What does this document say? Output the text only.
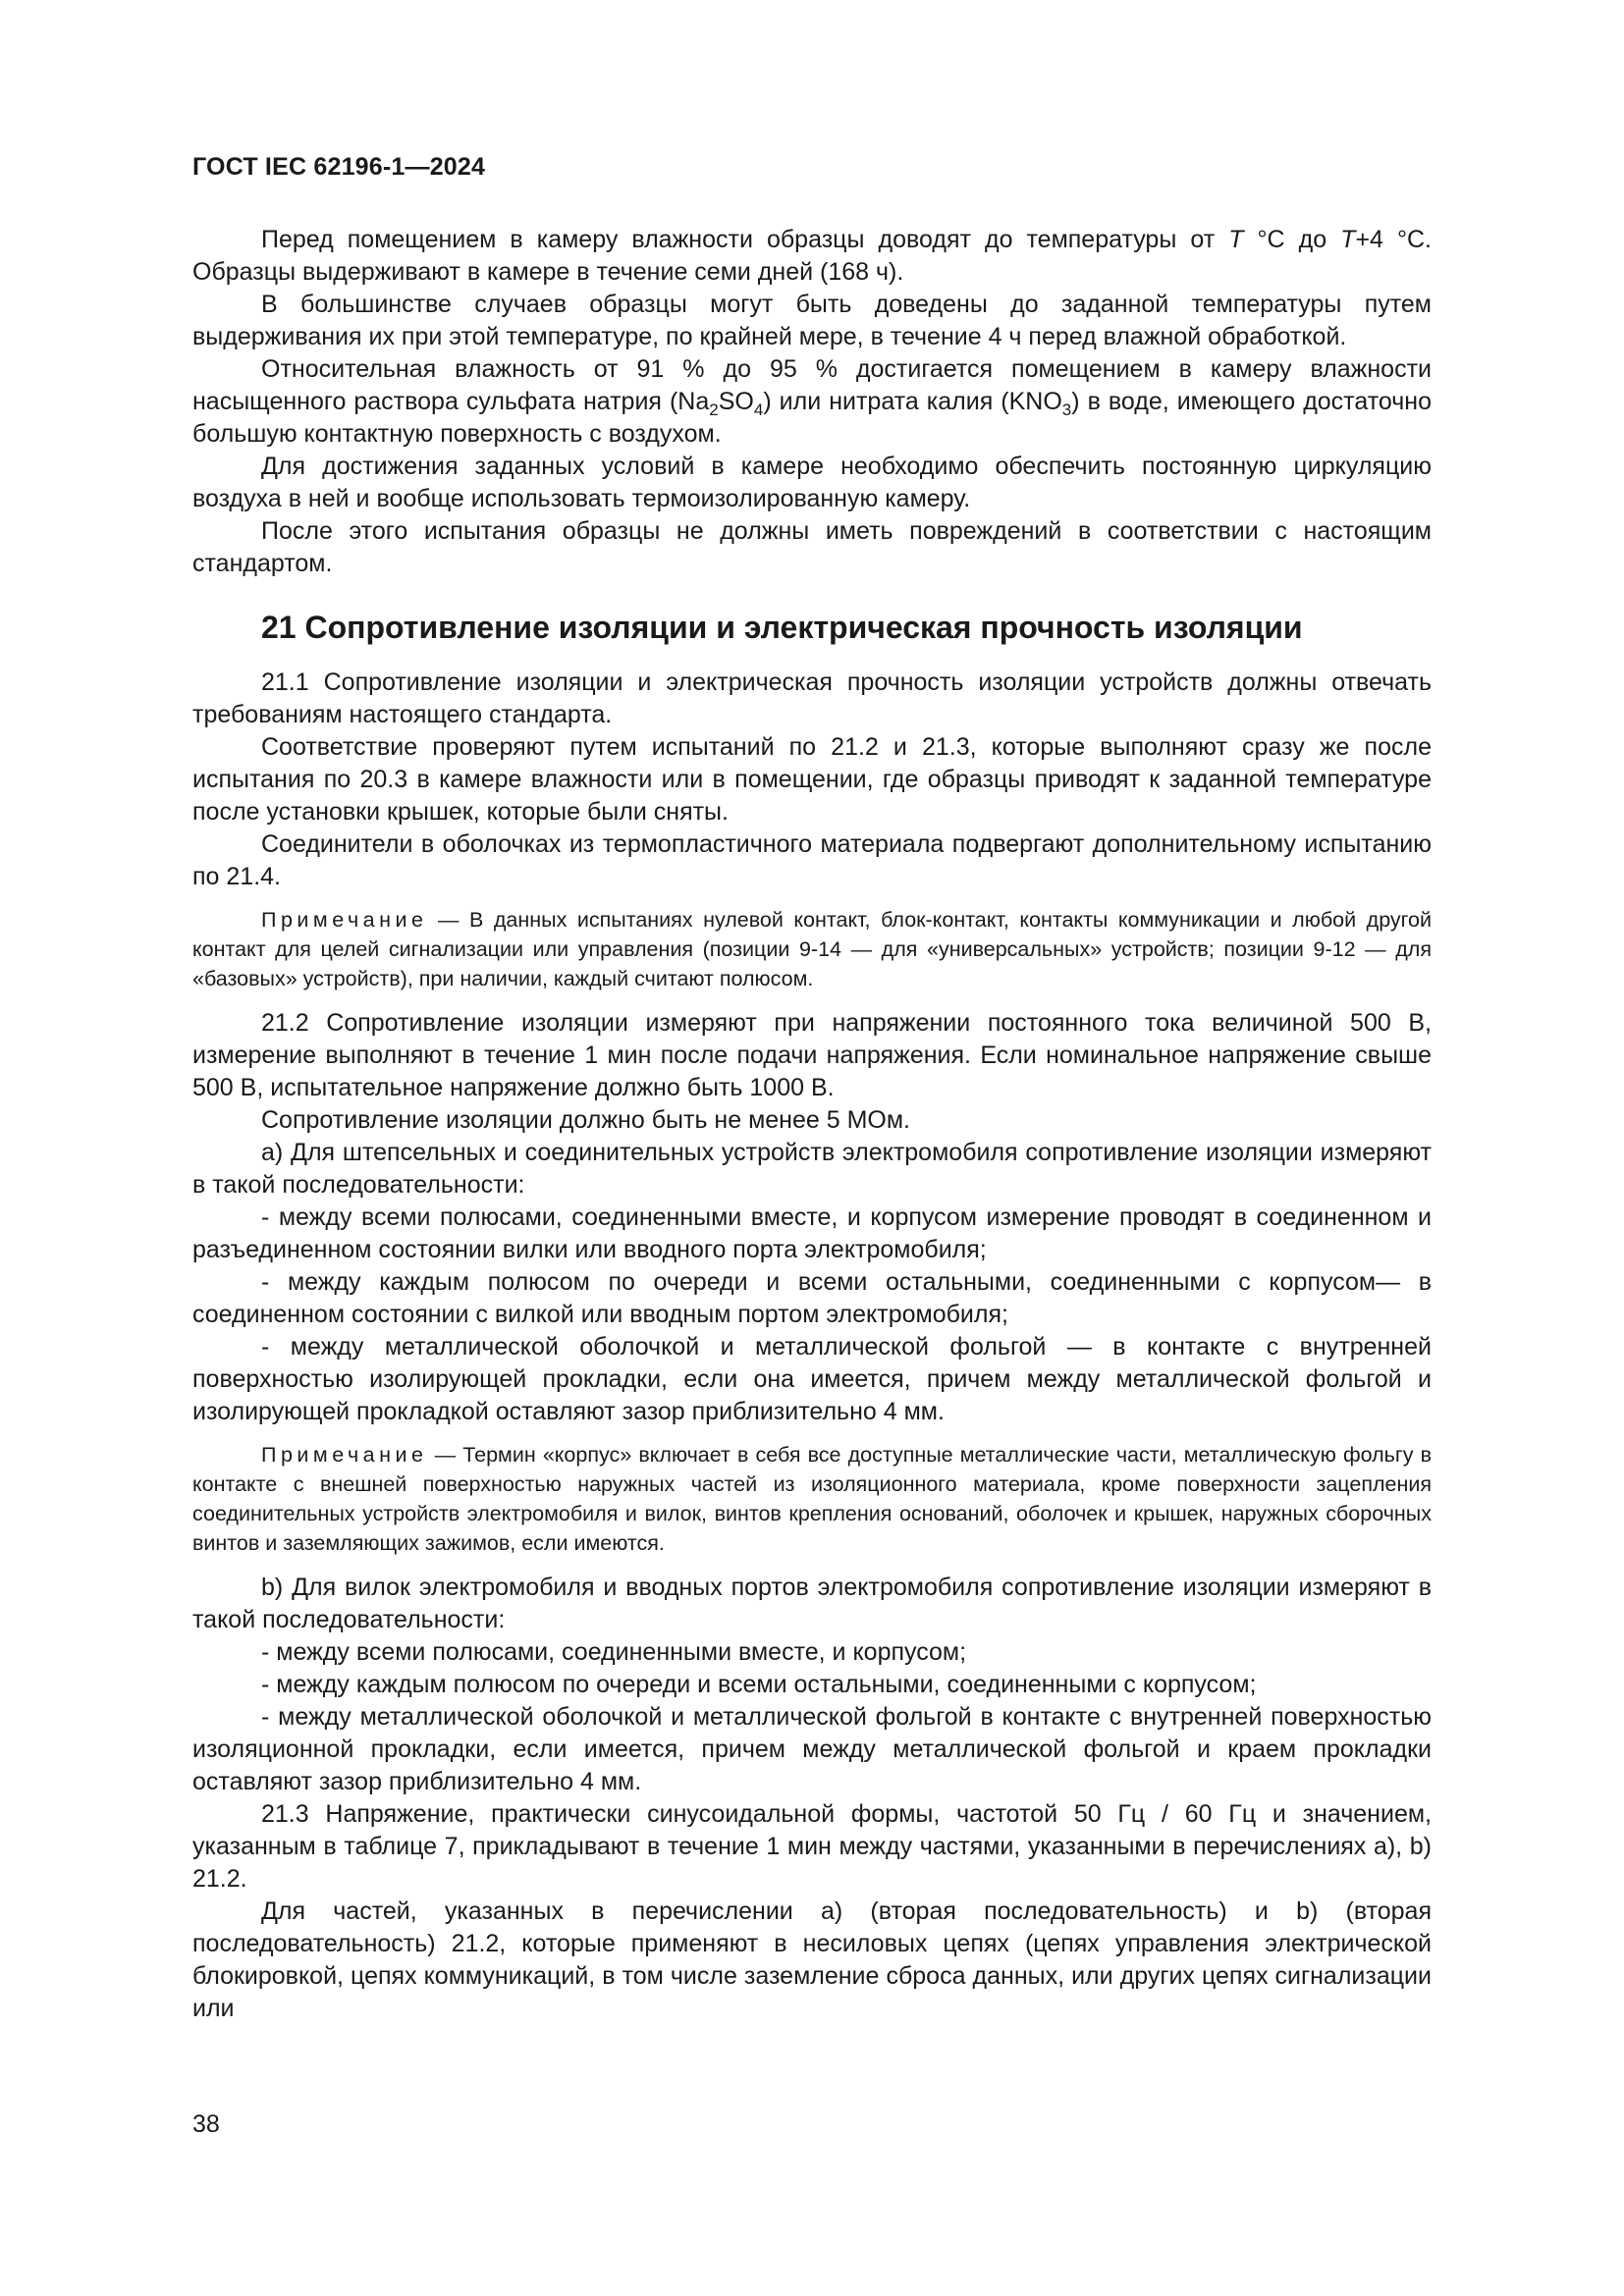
ГОСТ IEC 62196-1—2024

Перед помещением в камеру влажности образцы доводят до температуры от T °С до T+4 °С. Образцы выдерживают в камере в течение семи дней (168 ч).

В большинстве случаев образцы могут быть доведены до заданной температуры путем выдерживания их при этой температуре, по крайней мере, в течение 4 ч перед влажной обработкой.

Относительная влажность от 91 % до 95 % достигается помещением в камеру влажности насыщенного раствора сульфата натрия $(Na_2SO_4)$ или нитрата калия $(KNO_3)$ в воде, имеющего достаточно большую контактную поверхность с воздухом.

Для достижения заданных условий в камере необходимо обеспечить постоянную циркуляцию воздуха в ней и вообще использовать термоизолированную камеру.

После этого испытания образцы не должны иметь повреждений в соответствии с настоящим стандартом.

21 Сопротивление изоляции и электрическая прочность изоляции

21.1 Сопротивление изоляции и электрическая прочность изоляции устройств должны отвечать требованиям настоящего стандарта.

Соответствие проверяют путем испытаний по 21.2 и 21.3, которые выполняют сразу же после испытания по 20.3 в камере влажности или в помещении, где образцы приводят к заданной температуре после установки крышек, которые были сняты.

Соединители в оболочках из термопластичного материала подвергают дополнительному испытанию по 21.4.

Примечание — В данных испытаниях нулевой контакт, блок-контакт, контакты коммуникации и любой другой контакт для целей сигнализации или управления (позиции 9-14 — для «универсальных» устройств; позиции 9-12 — для «базовых» устройств), при наличии, каждый считают полюсом.

21.2 Сопротивление изоляции измеряют при напряжении постоянного тока величиной 500 В, измерение выполняют в течение 1 мин после подачи напряжения. Если номинальное напряжение свыше 500 В, испытательное напряжение должно быть 1000 В.

Сопротивление изоляции должно быть не менее 5 МОм.

а) Для штепсельных и соединительных устройств электромобиля сопротивление изоляции измеряют в такой последовательности:

- между всеми полюсами, соединенными вместе, и корпусом измерение проводят в соединенном и разъединенном состоянии вилки или вводного порта электромобиля;

- между каждым полюсом по очереди и всеми остальными, соединенными с корпусом— в соединенном состоянии с вилкой или вводным портом электромобиля;

- между металлической оболочкой и металлической фольгой — в контакте с внутренней поверхностью изолирующей прокладки, если она имеется, причем между металлической фольгой и изолирующей прокладкой оставляют зазор приблизительно 4 мм.

Примечание — Термин «корпус» включает в себя все доступные металлические части, металлическую фольгу в контакте с внешней поверхностью наружных частей из изоляционного материала, кроме поверхности зацепления соединительных устройств электромобиля и вилок, винтов крепления оснований, оболочек и крышек, наружных сборочных винтов и заземляющих зажимов, если имеются.

b) Для вилок электромобиля и вводных портов электромобиля сопротивление изоляции измеряют в такой последовательности:

- между всеми полюсами, соединенными вместе, и корпусом;

- между каждым полюсом по очереди и всеми остальными, соединенными с корпусом;

- между металлической оболочкой и металлической фольгой в контакте с внутренней поверхностью изоляционной прокладки, если имеется, причем между металлической фольгой и краем прокладки оставляют зазор приблизительно 4 мм.

21.3 Напряжение, практически синусоидальной формы, частотой 50 Гц / 60 Гц и значением, указанным в таблице 7, прикладывают в течение 1 мин между частями, указанными в перечислениях а), b) 21.2.

Для частей, указанных в перечислении а) (вторая последовательность) и b) (вторая последовательность) 21.2, которые применяют в несиловых цепях (цепях управления электрической блокировкой, цепях коммуникаций, в том числе заземление сброса данных, или других цепях сигнализации или

38
